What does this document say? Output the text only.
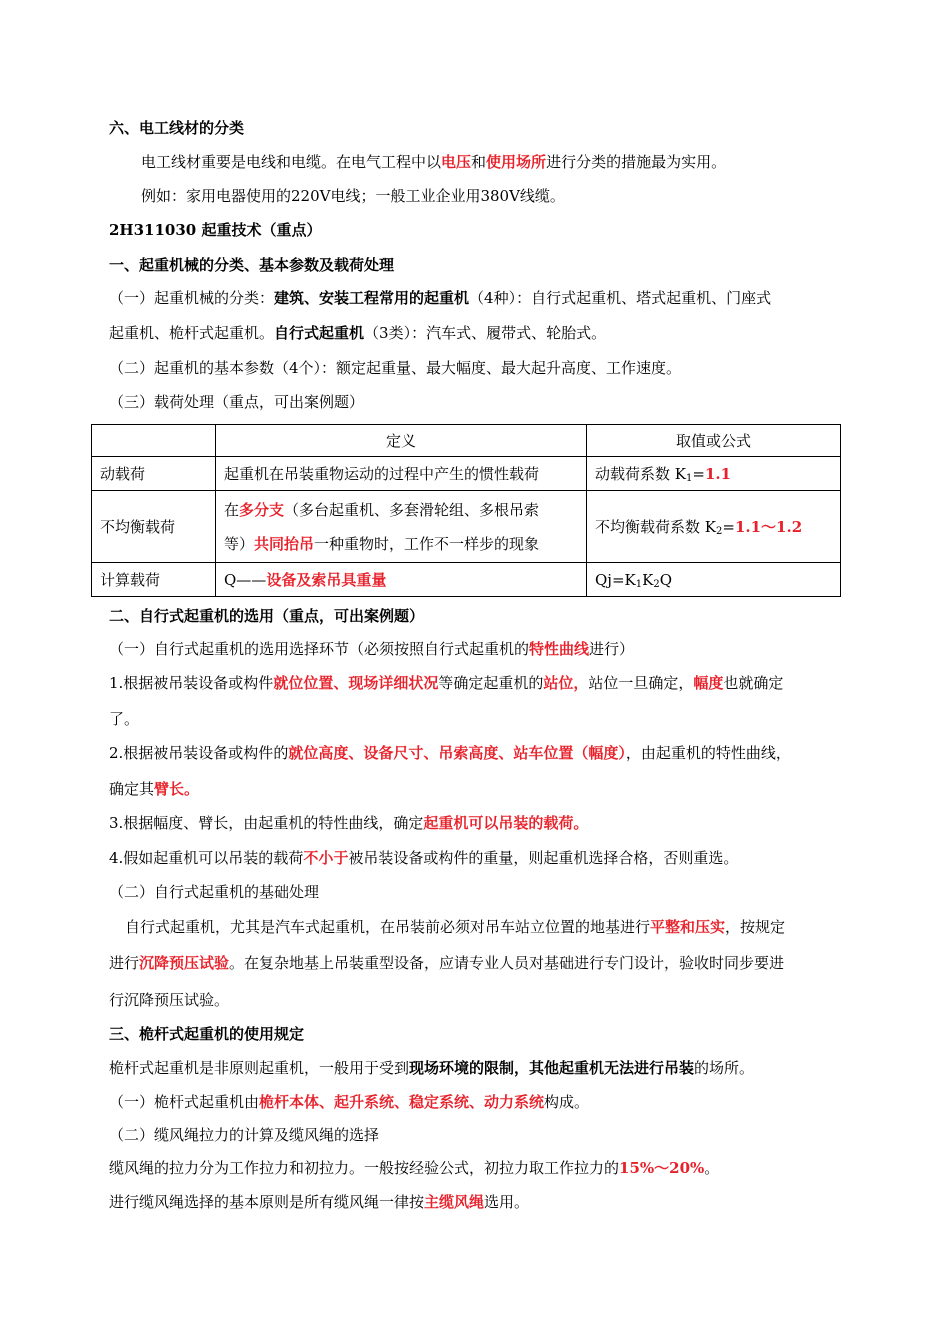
六、电工线材的分类
电工线材重要是电线和电缆。在电气工程中以电压和使用场所进行分类的措施最为实用。
例如：家用电器使用的220V电线；一般工业企业用380V线缆。
2H311030 起重技术（重点）
一、起重机械的分类、基本参数及载荷处理
（一）起重机械的分类：建筑、安装工程常用的起重机（4种）：自行式起重机、塔式起重机、门座式
起重机、桅杆式起重机。自行式起重机（3类）：汽车式、履带式、轮胎式。
（二）起重机的基本参数（4个）：额定起重量、最大幅度、最大起升高度、工作速度。
（三）载荷处理（重点，可出案例题）
	定义	取值或公式
动载荷	起重机在吊装重物运动的过程中产生的惯性载荷	动载荷系数 $K_1=1.1$
不均衡载荷	在多分支（多台起重机、多套滑轮组、多根吊索
等）共同抬吊一种重物时，工作不一样步的现象	不均衡载荷系数 $K_2=1.1\sim 1.2$
计算载荷	Q——设备及索吊具重量	$Qj=K_1K_2Q$
二、自行式起重机的选用（重点，可出案例题）
（一）自行式起重机的选用选择环节（必须按照自行式起重机的特性曲线进行）
1.根据被吊装设备或构件就位位置、现场详细状况等确定起重机的站位，站位一旦确定，幅度也就确定
了。
2.根据被吊装设备或构件的就位高度、设备尺寸、吊索高度、站车位置（幅度），由起重机的特性曲线，
确定其臂长。
3.根据幅度、臂长，由起重机的特性曲线，确定起重机可以吊装的载荷。
4.假如起重机可以吊装的载荷不小于被吊装设备或构件的重量，则起重机选择合格，否则重选。
（二）自行式起重机的基础处理
自行式起重机，尤其是汽车式起重机，在吊装前必须对吊车站立位置的地基进行平整和压实，按规定
进行沉降预压试验。在复杂地基上吊装重型设备，应请专业人员对基础进行专门设计，验收时同步要进
行沉降预压试验。
三、桅杆式起重机的使用规定
桅杆式起重机是非原则起重机，一般用于受到现场环境的限制，其他起重机无法进行吊装的场所。
（一）桅杆式起重机由桅杆本体、起升系统、稳定系统、动力系统构成。
（二）缆风绳拉力的计算及缆风绳的选择
缆风绳的拉力分为工作拉力和初拉力。一般按经验公式，初拉力取工作拉力的15%～20%。
进行缆风绳选择的基本原则是所有缆风绳一律按主缆风绳选用。
